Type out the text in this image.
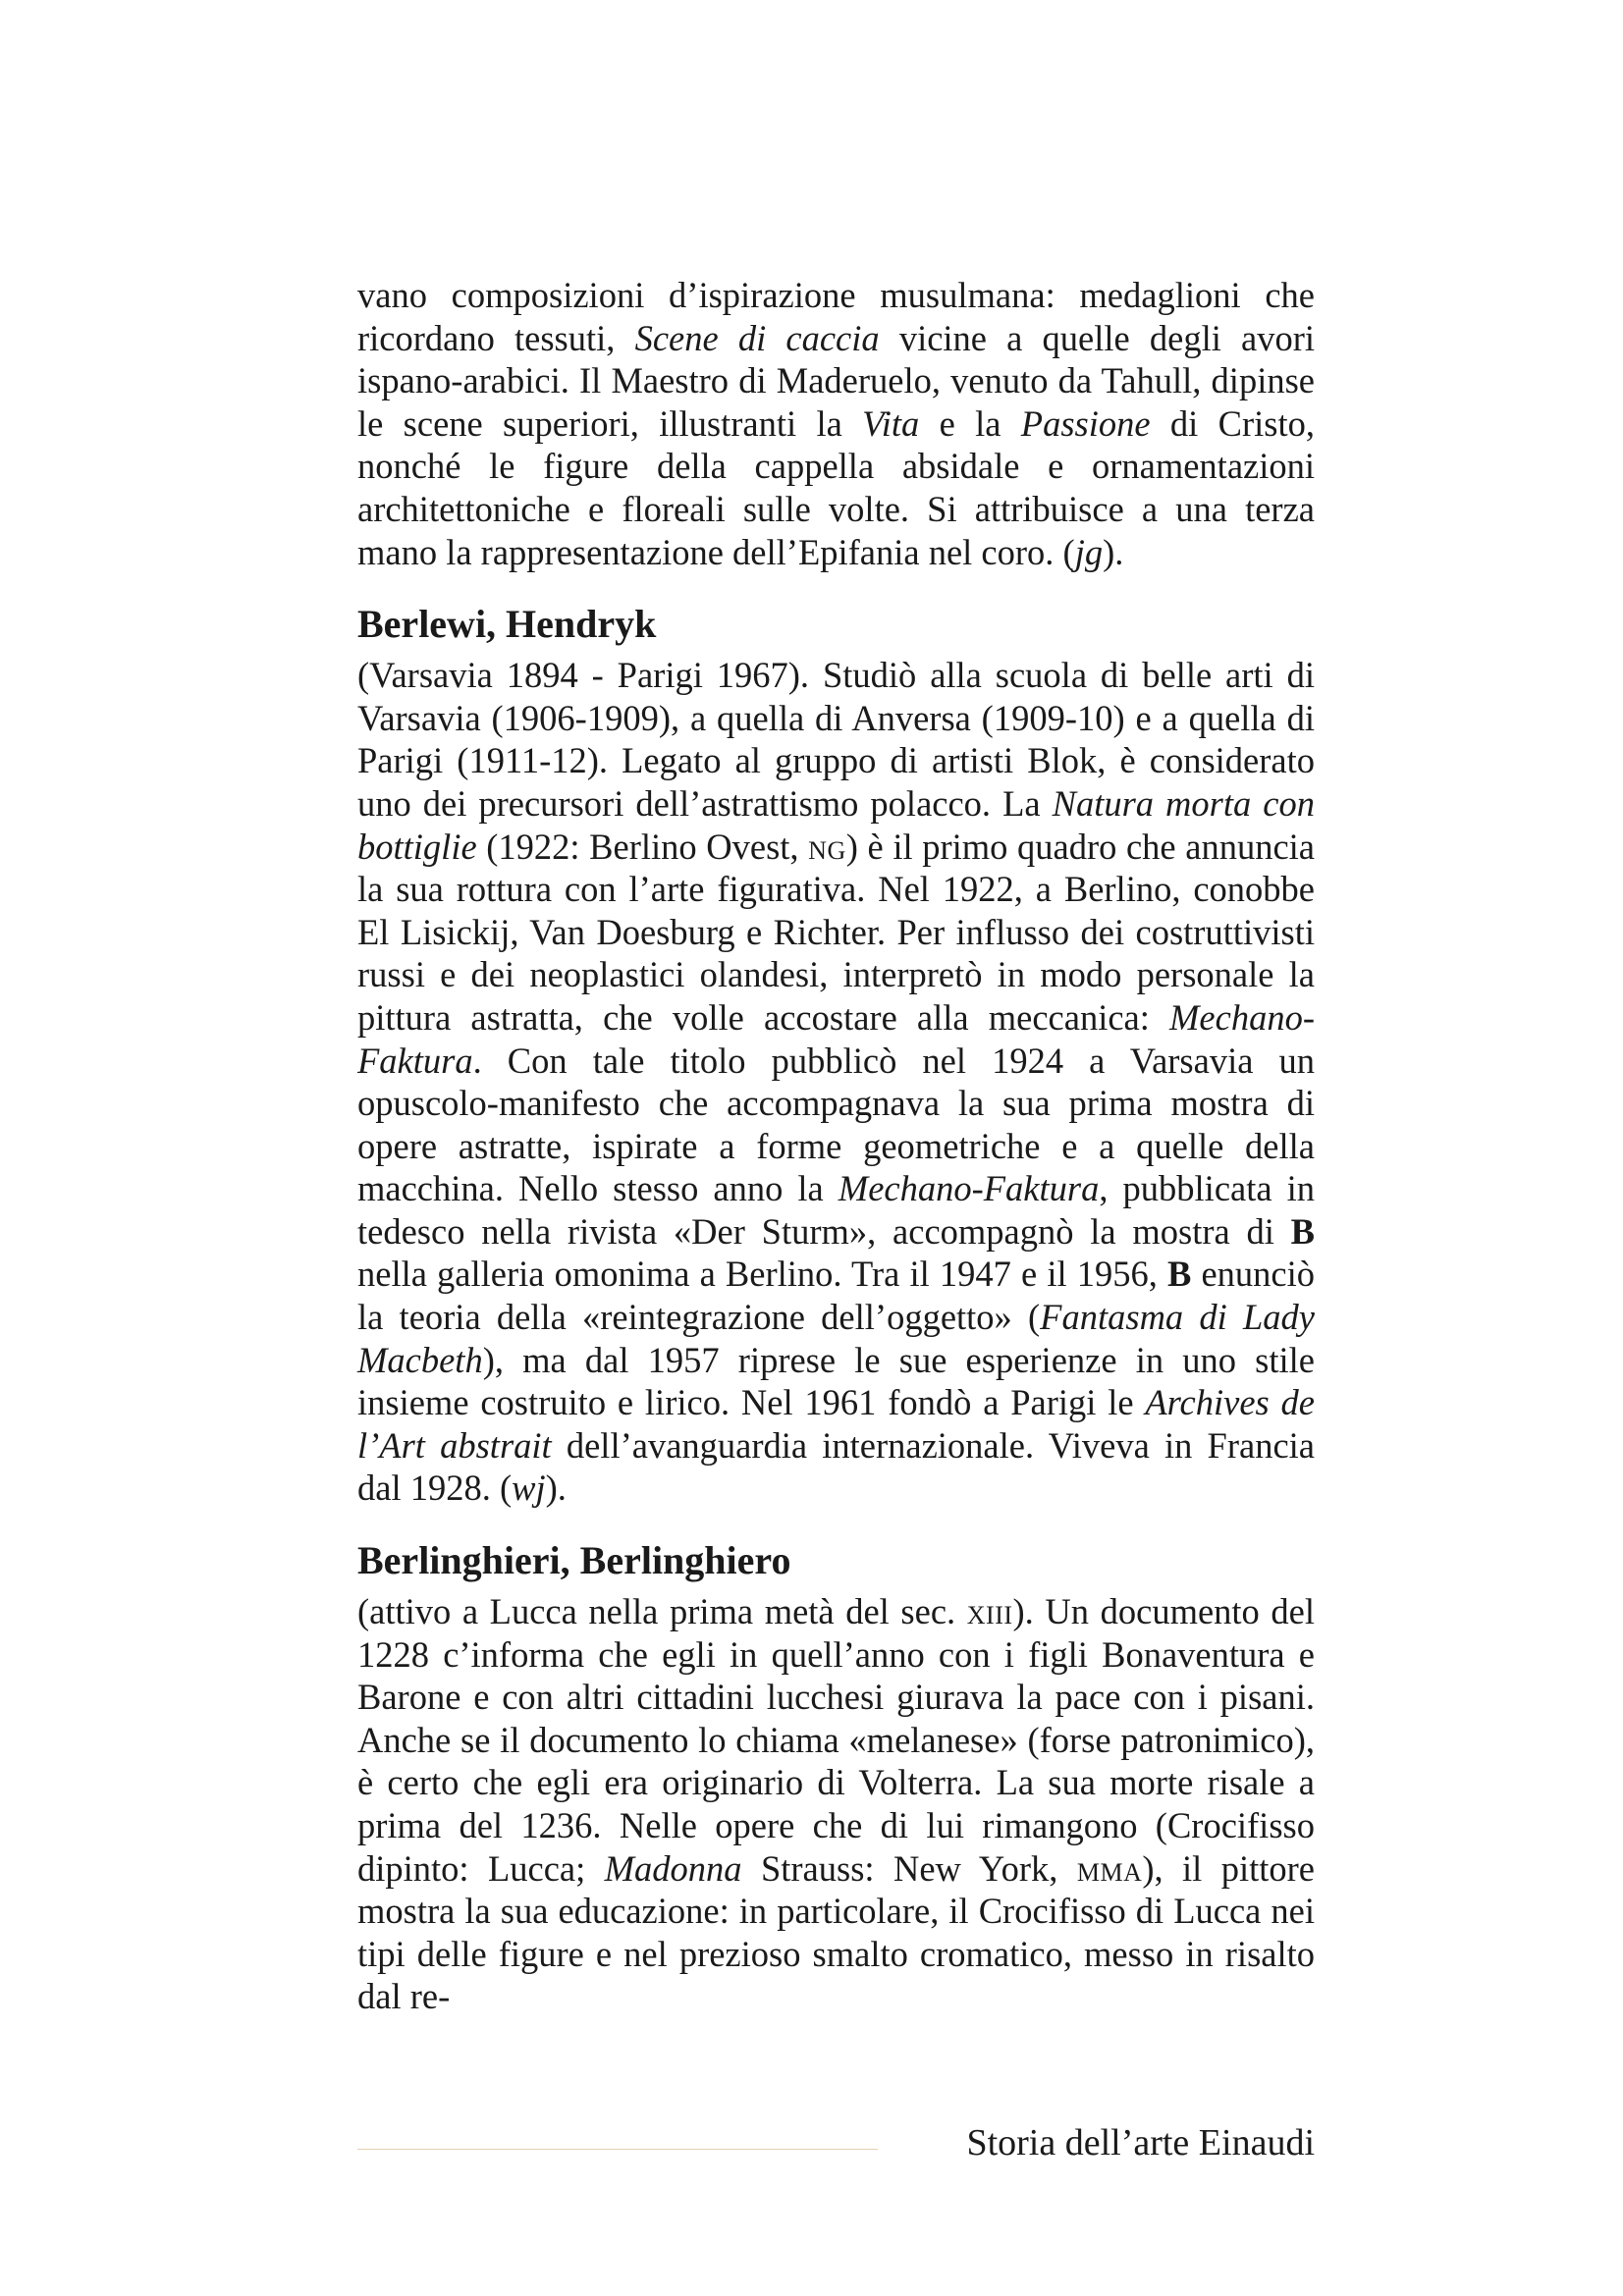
vano composizioni d’ispirazione musulmana: medaglioni che ricordano tessuti, Scene di caccia vicine a quelle degli avori ispano-arabici. Il Maestro di Maderuelo, venuto da Tahull, dipinse le scene superiori, illustranti la Vita e la Passione di Cristo, nonché le figure della cappella absidale e ornamentazioni architettoniche e floreali sulle volte. Si attribuisce a una terza mano la rappresentazione dell’Epifania nel coro. (jg).

Berlewi, Hendryk

(Varsavia 1894 - Parigi 1967). Studiò alla scuola di belle arti di Varsavia (1906-1909), a quella di Anversa (1909-10) e a quella di Parigi (1911-12). Legato al gruppo di artisti Blok, è considerato uno dei precursori dell’astrattismo polacco. La Natura morta con bottiglie (1922: Berlino Ovest, ng) è il primo quadro che annuncia la sua rottura con l’arte figurativa. Nel 1922, a Berlino, conobbe El Lisickij, Van Doesburg e Richter. Per influsso dei costruttivisti russi e dei neoplastici olandesi, interpretò in modo personale la pittura astratta, che volle accostare alla meccanica: Mechano-Faktura. Con tale titolo pubblicò nel 1924 a Varsavia un opuscolo-manifesto che accompagnava la sua prima mostra di opere astratte, ispirate a forme geometriche e a quelle della macchina. Nello stesso anno la Mechano-Faktura, pubblicata in tedesco nella rivista «Der Sturm», accompagnò la mostra di B nella galleria omonima a Berlino. Tra il 1947 e il 1956, B enunciò la teoria della «reintegrazione dell’oggetto» (Fantasma di Lady Macbeth), ma dal 1957 riprese le sue esperienze in uno stile insieme costruito e lirico. Nel 1961 fondò a Parigi le Archives de l’Art abstrait dell’avanguardia internazionale. Viveva in Francia dal 1928. (wj).

Berlinghieri, Berlinghiero

(attivo a Lucca nella prima metà del sec. xiii). Un documento del 1228 c’informa che egli in quell’anno con i figli Bonaventura e Barone e con altri cittadini lucchesi giurava la pace con i pisani. Anche se il documento lo chiama «melanese» (forse patronimico), è certo che egli era originario di Volterra. La sua morte risale a prima del 1236. Nelle opere che di lui rimangono (Crocifisso dipinto: Lucca; Madonna Strauss: New York, mma), il pittore mostra la sua educazione: in particolare, il Crocifisso di Lucca nei tipi delle figure e nel prezioso smalto cromatico, messo in risalto dal re-

Storia dell’arte Einaudi
